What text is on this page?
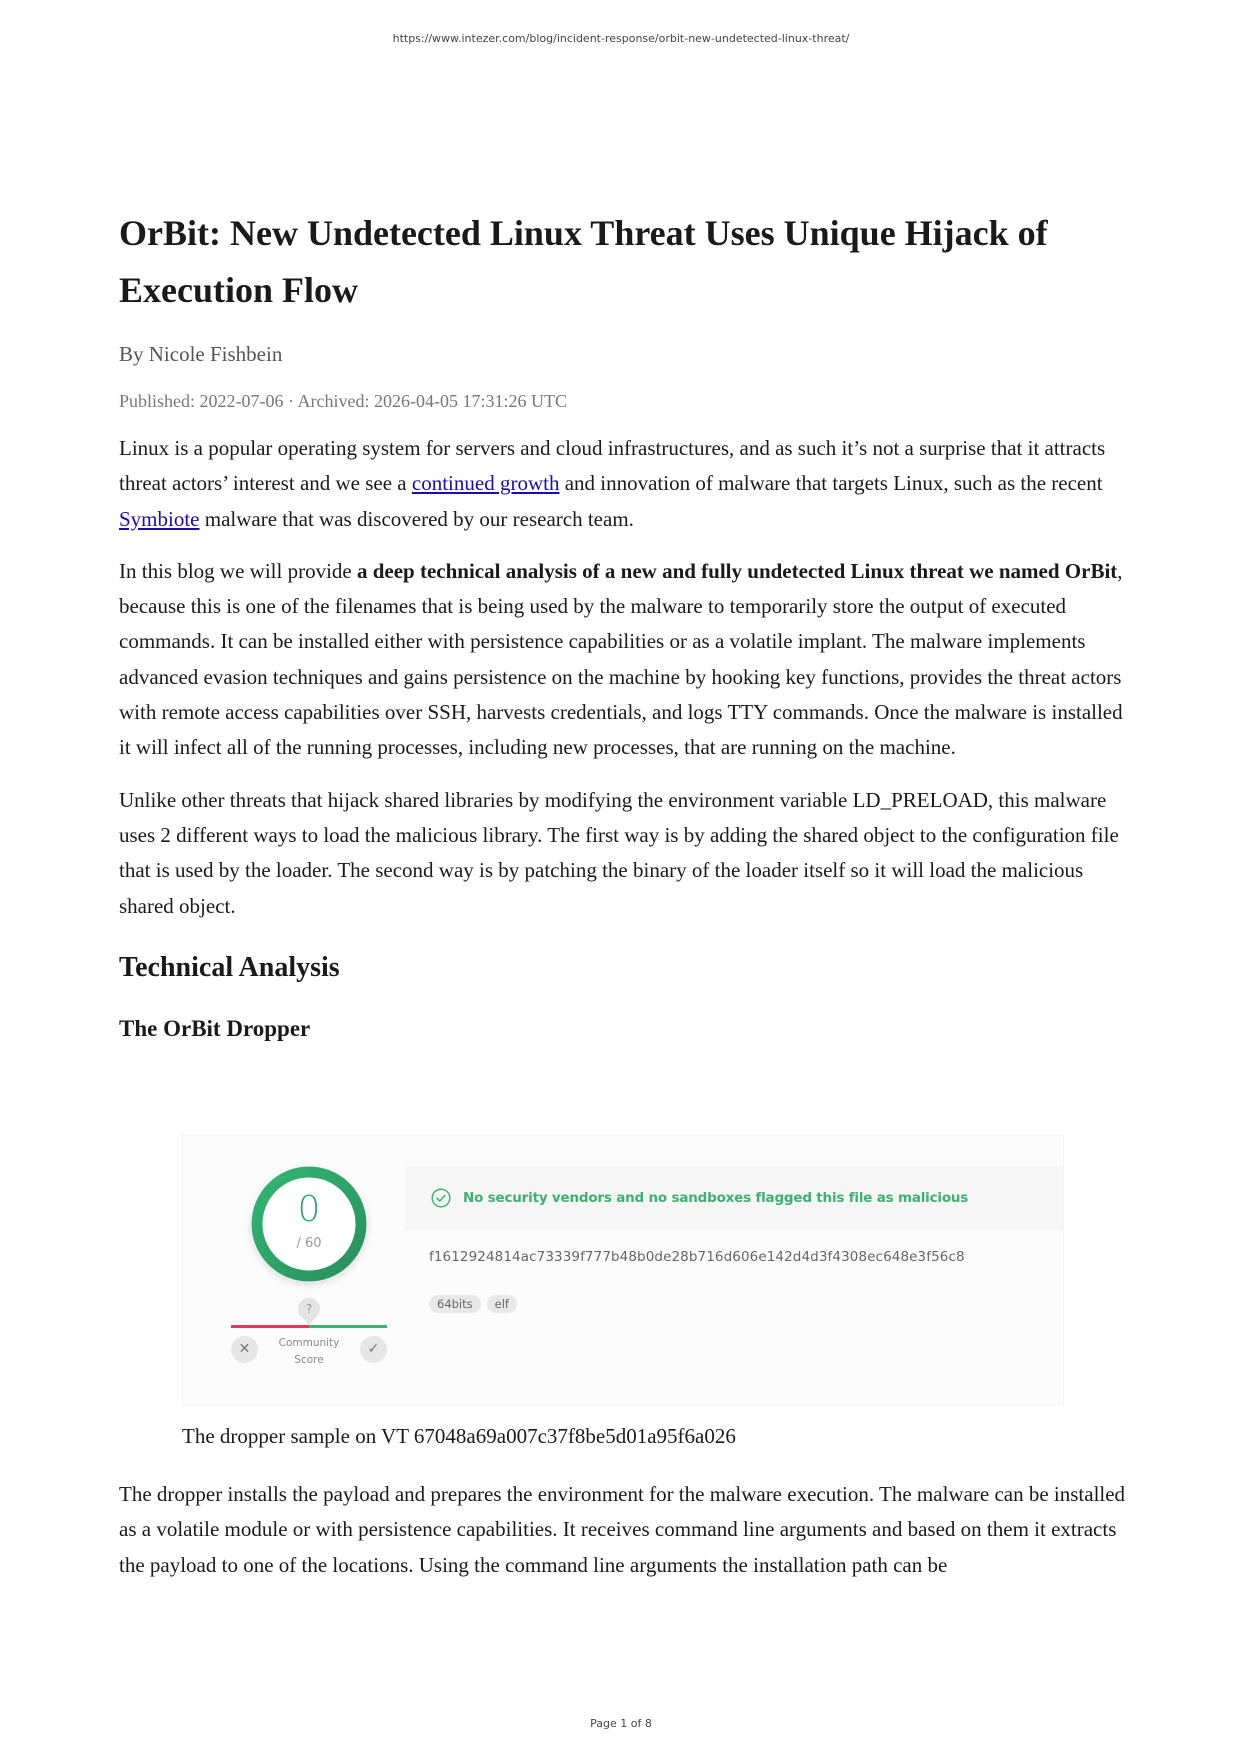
https://www.intezer.com/blog/incident-response/orbit-new-undetected-linux-threat/
OrBit: New Undetected Linux Threat Uses Unique Hijack of Execution Flow
By Nicole Fishbein
Published: 2022-07-06 · Archived: 2026-04-05 17:31:26 UTC

Linux is a popular operating system for servers and cloud infrastructures, and as such it’s not a surprise that it attracts threat actors’ interest and we see a continued growth and innovation of malware that targets Linux, such as the recent Symbiote malware that was discovered by our research team.

In this blog we will provide a deep technical analysis of a new and fully undetected Linux threat we named OrBit, because this is one of the filenames that is being used by the malware to temporarily store the output of executed commands. It can be installed either with persistence capabilities or as a volatile implant. The malware implements advanced evasion techniques and gains persistence on the machine by hooking key functions, provides the threat actors with remote access capabilities over SSH, harvests credentials, and logs TTY commands. Once the malware is installed it will infect all of the running processes, including new processes, that are running on the machine.

Unlike other threats that hijack shared libraries by modifying the environment variable LD_PRELOAD, this malware uses 2 different ways to load the malicious library. The first way is by adding the shared object to the configuration file that is used by the loader. The second way is by patching the binary of the loader itself so it will load the malicious shared object.

Technical Analysis
The OrBit Dropper
0
/ 60
?
✕	Community
Score
✓
No security vendors and no sandboxes flagged this file as malicious
f1612924814ac73339f777b48b0de28b716d606e142d4d3f4308ec648e3f56c8
64bits elf
The dropper sample on VT 67048a69a007c37f8be5d01a95f6a026

The dropper installs the payload and prepares the environment for the malware execution. The malware can be installed as a volatile module or with persistence capabilities. It receives command line arguments and based on them it extracts the payload to one of the locations. Using the command line arguments the installation path can be

Page 1 of 8
